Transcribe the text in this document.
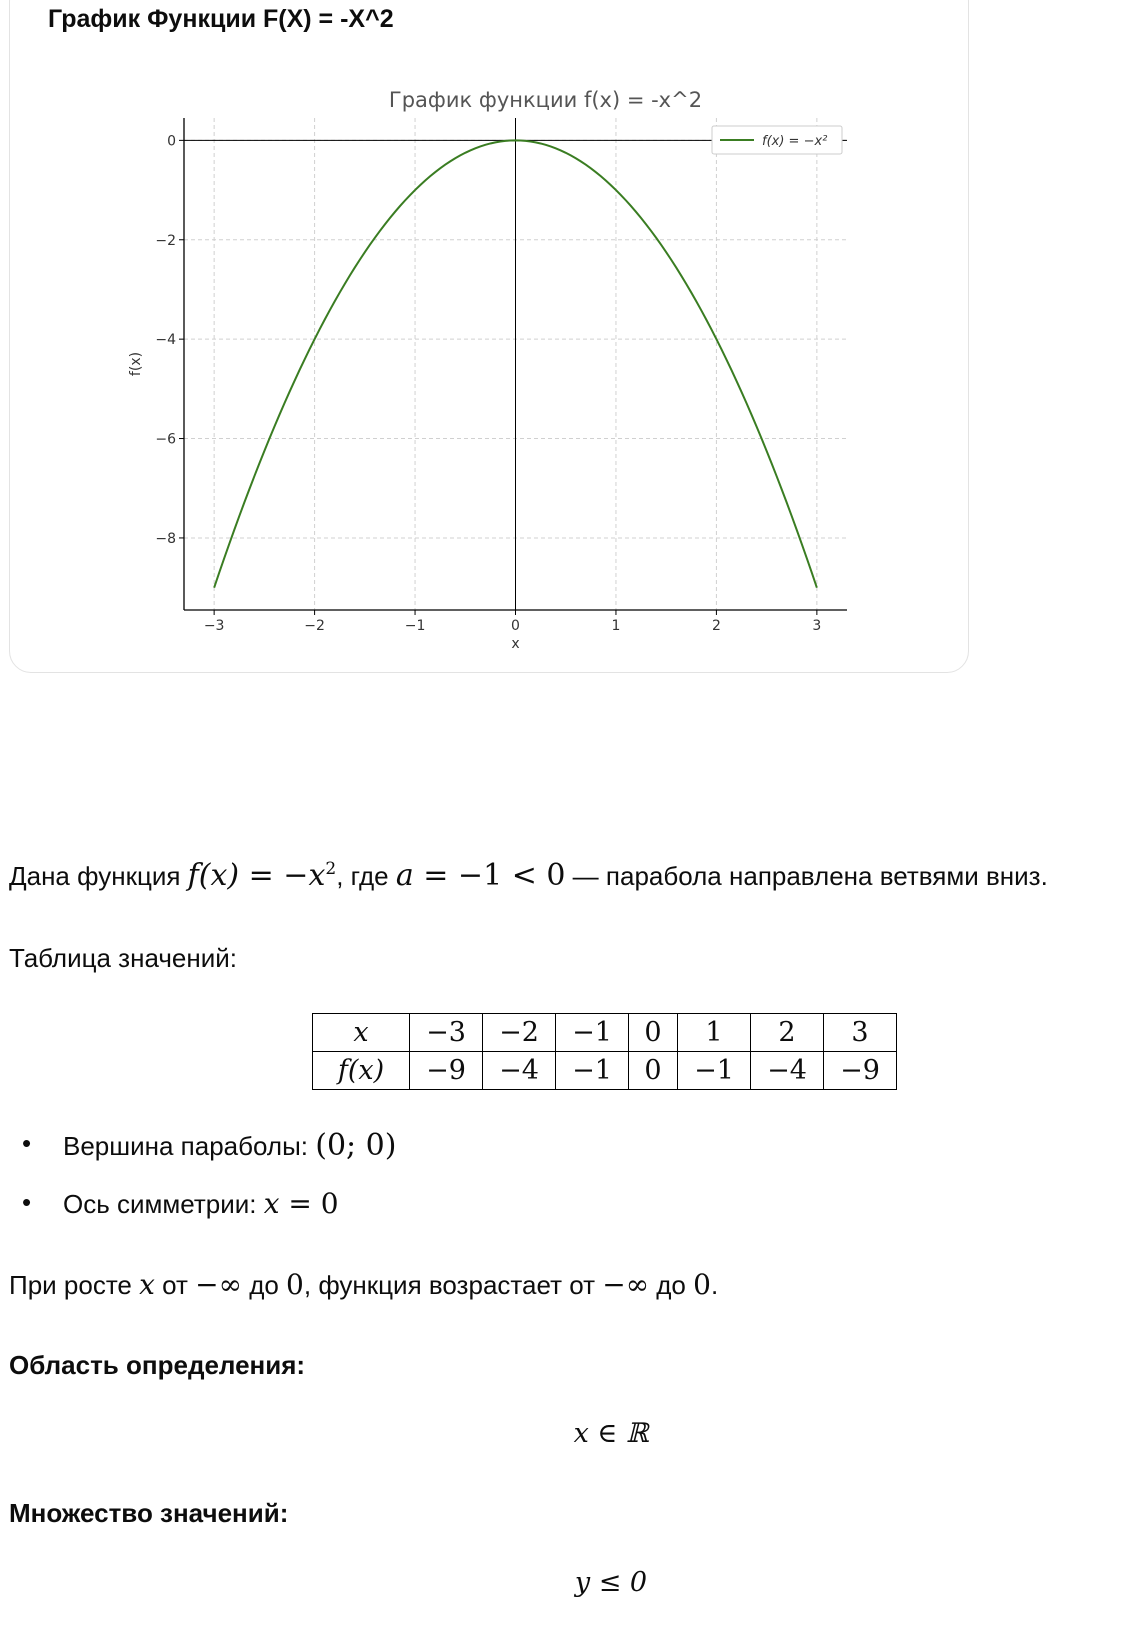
График Функции F(X) = -X^2
−3	−2	−1	0	1	2	3
0
−2
−4
−6
−8
График функции f(x) = -x^2
x
f(x)
f(x) = −x²
Дана функция $f(x) = -x^2$, где a = −1 < 0 — парабола направлена ветвями вниз.
Таблица значений:
x	−3	−2	−1	0	1	2	3
f(x)	−9	−4	−1	0	−1	−4	−9
• Вершина параболы: (0; 0)
• Ось симметрии: x = 0
При росте x от −∞ до 0, функция возрастает от −∞ до 0.
Область определения:
x ∈ ℝ
Множество значений:
y ≤ 0
